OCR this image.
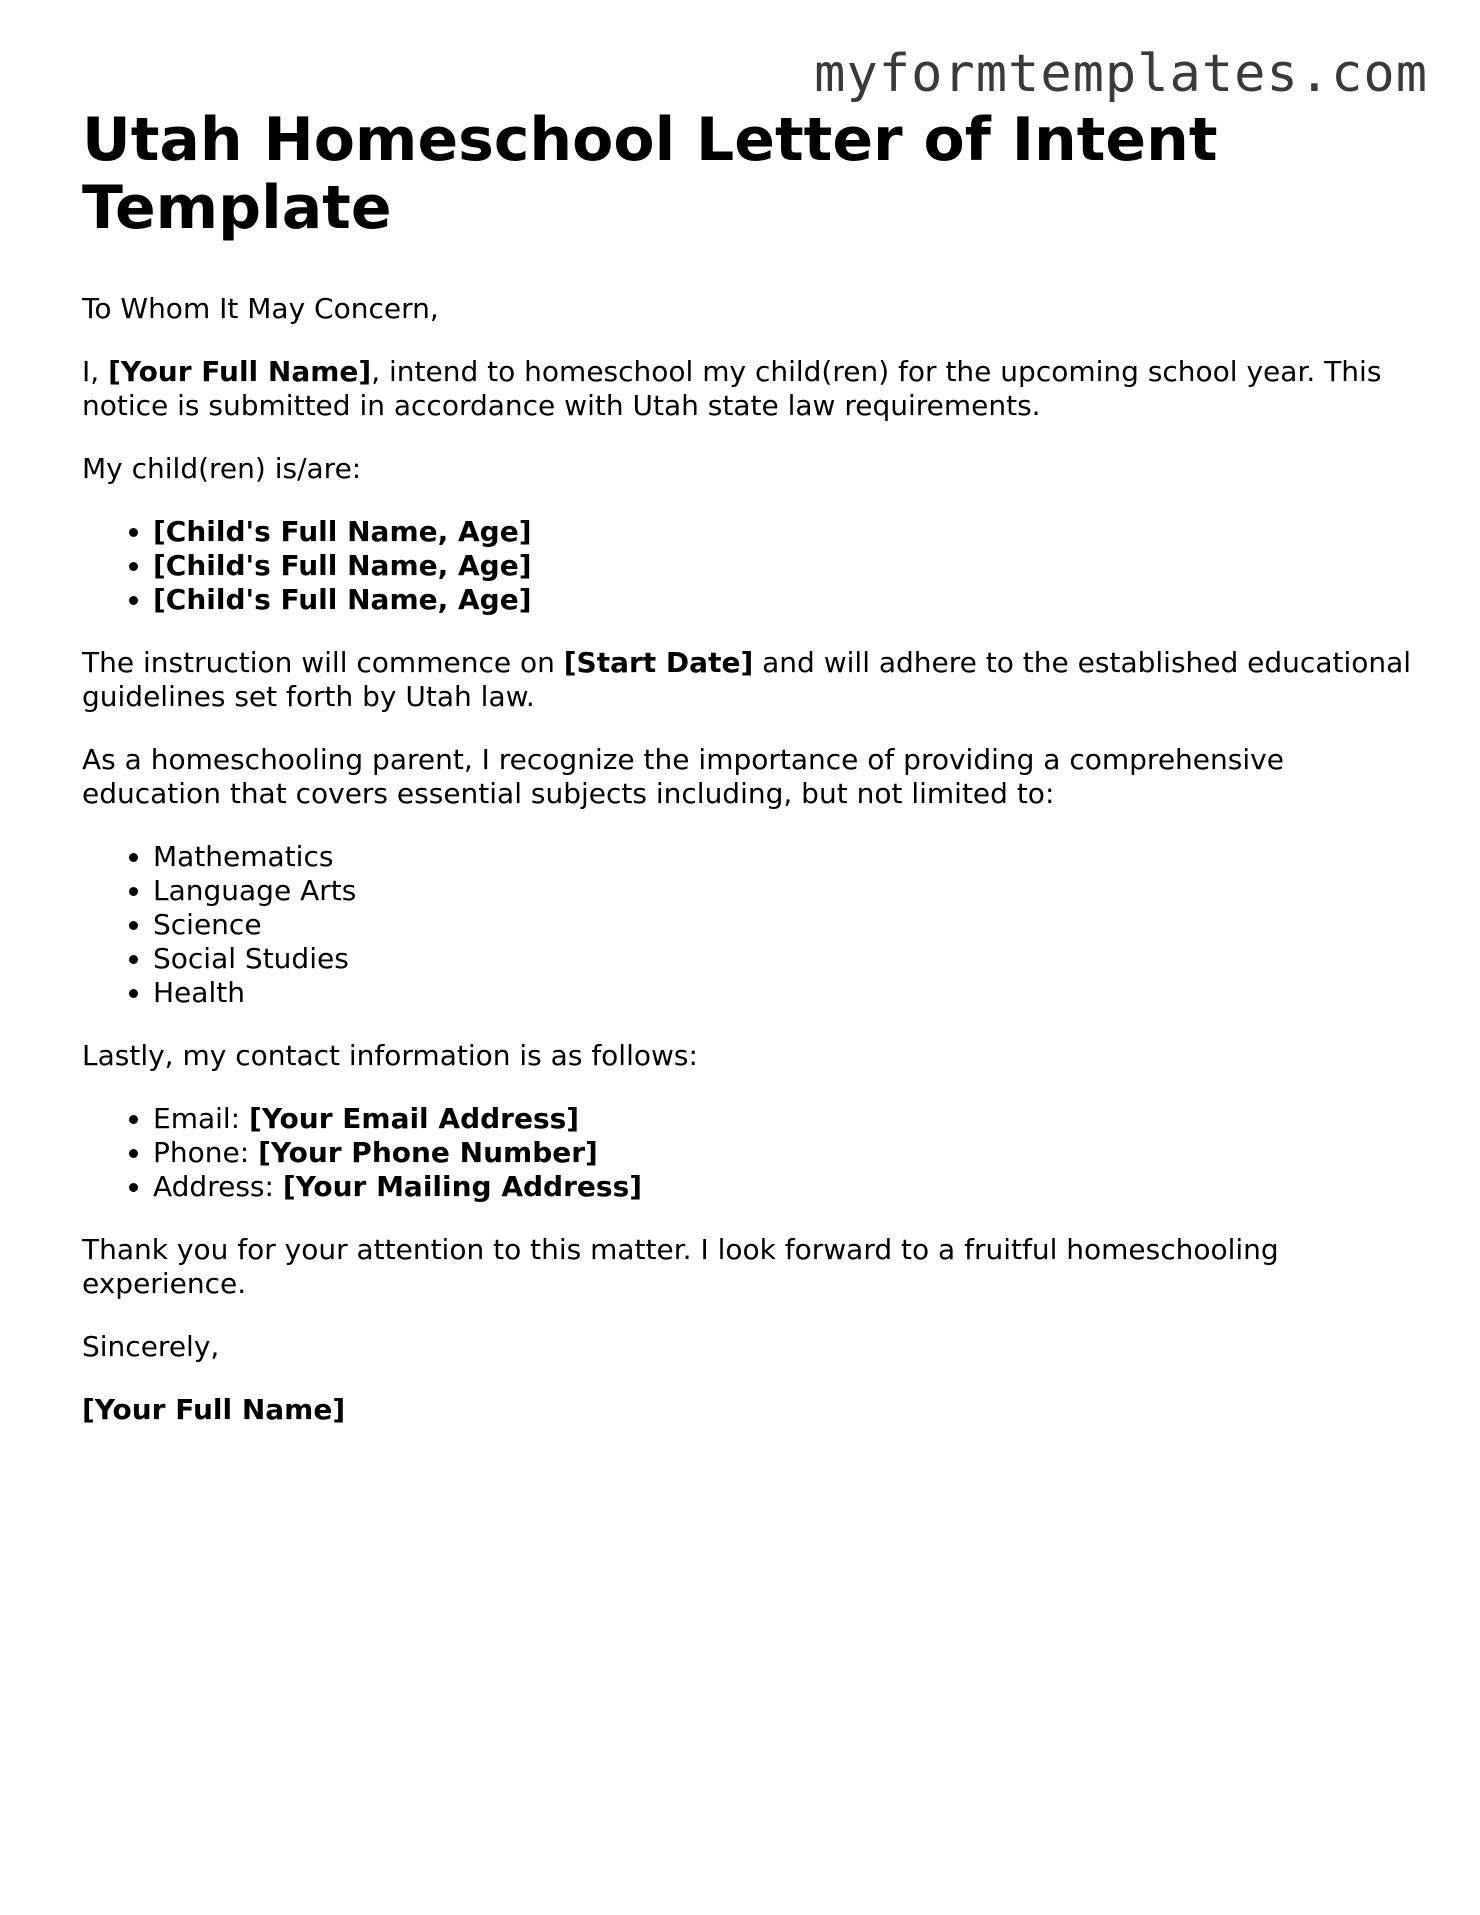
myformtemplates.com
Utah Homeschool Letter of Intent Template

To Whom It May Concern,

I, [Your Full Name], intend to homeschool my child(ren) for the upcoming school year. This notice is submitted in accordance with Utah state law requirements.

My child(ren) is/are:

• [Child's Full Name, Age]
• [Child's Full Name, Age]
• [Child's Full Name, Age]

The instruction will commence on [Start Date] and will adhere to the established educational guidelines set forth by Utah law.

As a homeschooling parent, I recognize the importance of providing a comprehensive education that covers essential subjects including, but not limited to:

• Mathematics
• Language Arts
• Science
• Social Studies
• Health

Lastly, my contact information is as follows:

• Email: [Your Email Address]
• Phone: [Your Phone Number]
• Address: [Your Mailing Address]

Thank you for your attention to this matter. I look forward to a fruitful homeschooling experience.

Sincerely,

[Your Full Name]
